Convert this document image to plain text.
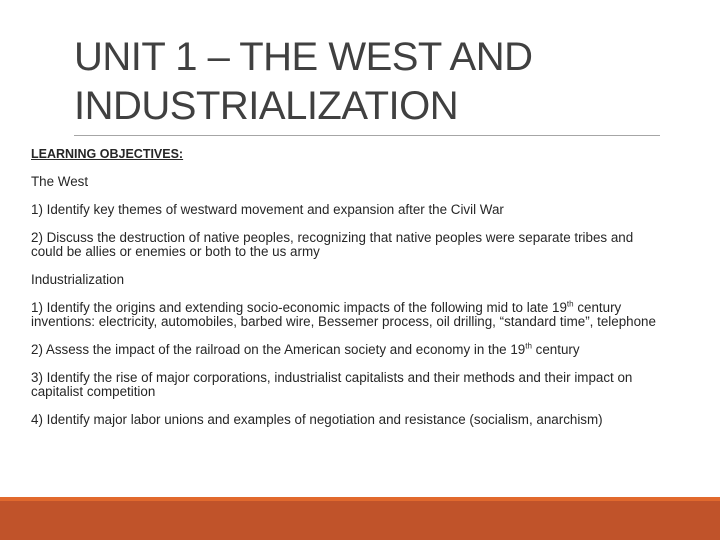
UNIT 1 – THE WEST AND
INDUSTRIALIZATION

LEARNING OBJECTIVES:

The West

1) Identify key themes of westward movement and expansion after the Civil War

2) Discuss the destruction of native peoples, recognizing that native peoples were separate tribes and could be allies or enemies or both to the us army

Industrialization

1) Identify the origins and extending socio-economic impacts of the following mid to late 19th century inventions: electricity, automobiles, barbed wire, Bessemer process, oil drilling, “standard time”, telephone

2) Assess the impact of the railroad on the American society and economy in the 19th century

3) Identify the rise of major corporations, industrialist capitalists and their methods and their impact on capitalist competition

4) Identify major labor unions and examples of negotiation and resistance (socialism, anarchism)
